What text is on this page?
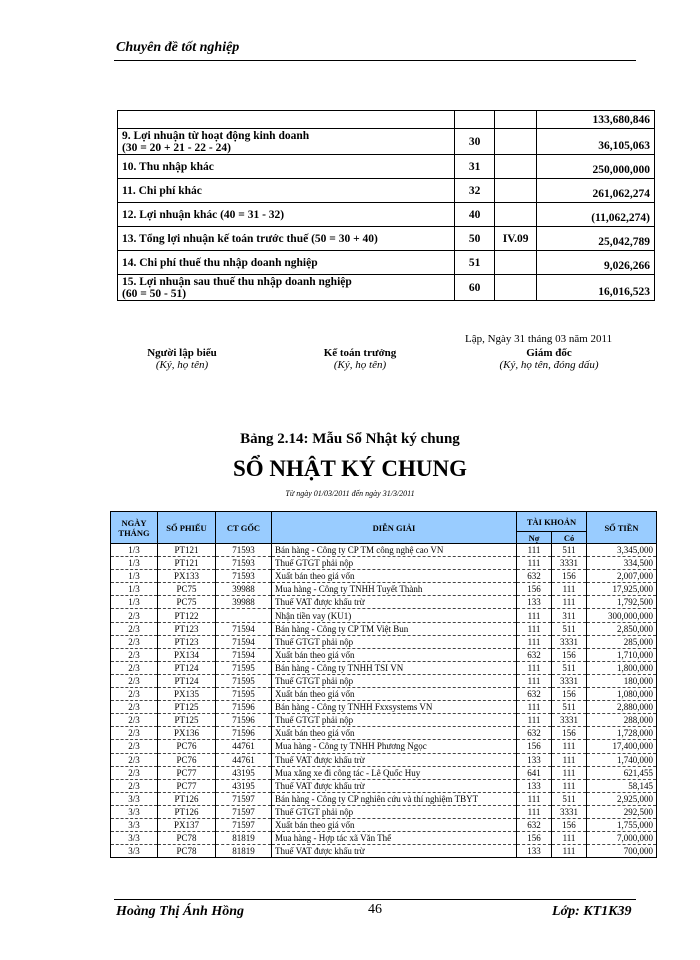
Chuyên đề tốt nghiệp
			133,680,846

9. Lợi nhuận từ hoạt động kinh doanh
(30 = 20 + 21 - 22 - 24)	30		36,105,063

10. Thu nhập khác	31		250,000,000

11. Chi phí khác	32		261,062,274

12. Lợi nhuận khác (40 = 31 - 32)	40		(11,062,274)

13. Tổng lợi nhuận kế toán trước thuế (50 = 30 + 40)	50	IV.09	25,042,789

14. Chi phí thuế thu nhập doanh nghiệp	51		9,026,266

15. Lợi nhuận sau thuế thu nhập doanh nghiệp
(60 = 50 - 51)	60		16,016,523
Lập, Ngày 31 tháng 03 năm 2011
Người lập biểu
(Ký, họ tên)
Kế toán trưởng
(Ký, họ tên)
Giám đốc
(Ký, họ tên, đóng dấu)
Bảng 2.14: Mẫu Sổ Nhật ký chung
SỔ NHẬT KÝ CHUNG
Từ ngày 01/03/2011 đến ngày 31/3/2011
NGÀY THÁNG	SỐ PHIẾU	CT GỐC	DIỄN GIẢI	TÀI KHOẢN		SỐ TIỀN
				Nợ	Có	
1/3	PT121	71593	Bán hàng - Công ty CP TM công nghệ cao VN	111	511	3,345,000
1/3	PT121	71593	Thuế GTGT phải nộp	111	3331	334,500
1/3	PX133	71593	Xuất bán theo giá vốn	632	156	2,007,000
1/3	PC75	39988	Mua hàng - Công ty TNHH Tuyết Thành	156	111	17,925,000
1/3	PC75	39988	Thuế VAT được khấu trừ	133	111	1,792,500
2/3	PT122		Nhận tiền vay (KU1)	111	311	300,000,000
2/3	PT123	71594	Bán hàng - Công ty CP TM Việt Bun	111	511	2,850,000
2/3	PT123	71594	Thuế GTGT phải nộp	111	3331	285,000
2/3	PX134	71594	Xuất bán theo giá vốn	632	156	1,710,000
2/3	PT124	71595	Bán hàng - Công ty TNHH TSI VN	111	511	1,800,000
2/3	PT124	71595	Thuế GTGT phải nộp	111	3331	180,000
2/3	PX135	71595	Xuất bán theo giá vốn	632	156	1,080,000
2/3	PT125	71596	Bán hàng - Công ty TNHH Fxxsystems VN	111	511	2,880,000
2/3	PT125	71596	Thuế GTGT phải nộp	111	3331	288,000
2/3	PX136	71596	Xuất bán theo giá vốn	632	156	1,728,000
2/3	PC76	44761	Mua hàng - Công ty TNHH Phương Ngọc	156	111	17,400,000
2/3	PC76	44761	Thuế VAT được khấu trừ	133	111	1,740,000
2/3	PC77	43195	Mua xăng xe đi công tác - Lê Quốc Huy	641	111	621,455
2/3	PC77	43195	Thuế VAT được khấu trừ	133	111	58,145
3/3	PT126	71597	Bán hàng - Công ty CP nghiên cứu và thí nghiệm TBYT	111	511	2,925,000
3/3	PT126	71597	Thuế GTGT phải nộp	111	3331	292,500
3/3	PX137	71597	Xuất bán theo giá vốn	632	156	1,755,000
3/3	PC78	81819	Mua hàng - Hợp tác xã Văn Thể	156	111	7,000,000
3/3	PC78	81819	Thuế VAT được khấu trừ	133	111	700,000
Hoàng Thị Ánh Hồng	46	Lớp: KT1K39
